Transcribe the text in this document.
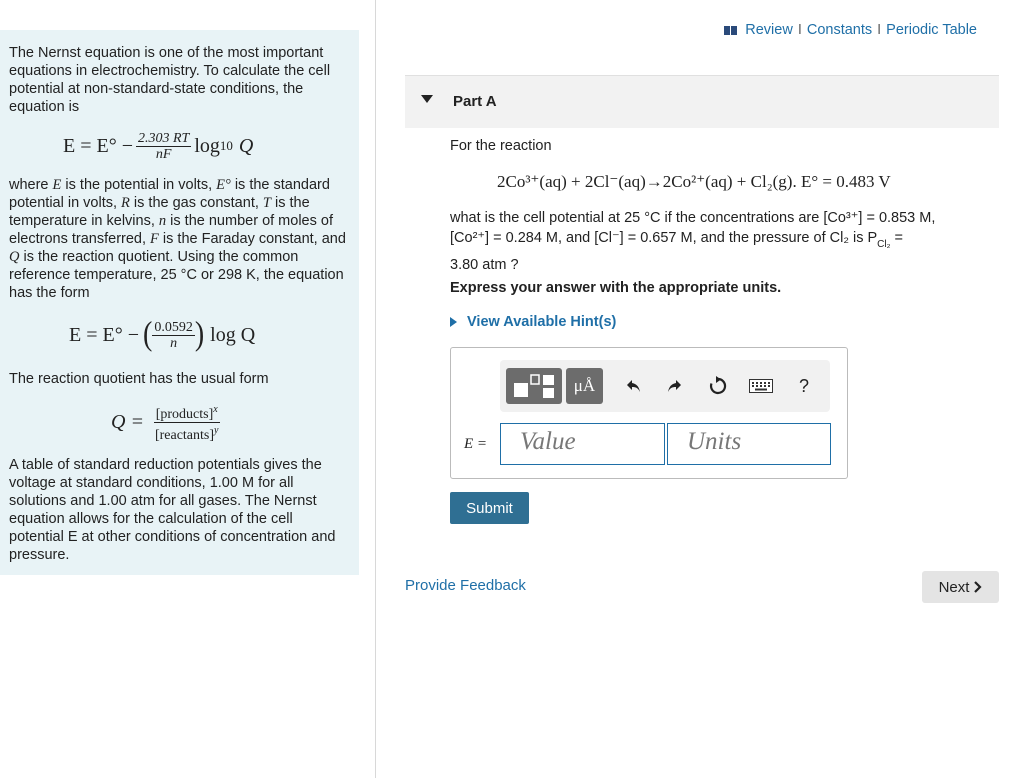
The Nernst equation is one of the most important equations in electrochemistry. To calculate the cell potential at non-standard-state conditions, the equation is

$E = E^\circ - \frac{2.303 RT}{nF}$ log 10 Q

where E is the potential in volts, E° is the standard potential in volts, R is the gas constant, T is the temperature in kelvins, n is the number of moles of electrons transferred, F is the Faraday constant, and Q is the reaction quotient. Using the common reference temperature, 25 °C or 298 K, the equation has the form

E = E° − ( $\frac{0.0592}{n}$ ) log Q

The reaction quotient has the usual form

$Q = \frac{[products]^x}{[reactants]^y}$

A table of standard reduction potentials gives the voltage at standard conditions, 1.00 M for all solutions and 1.00 atm for all gases. The Nernst equation allows for the calculation of the cell potential E at other conditions of concentration and pressure.

Review I Constants I Periodic Table
Part A
For the reaction
2Co³⁺(aq) + 2Cl⁻(aq)→2Co²⁺(aq) + Cl₂(g). E° = 0.483 V
what is the cell potential at 25 °C if the concentrations are [Co³⁺] = 0.853 M,
[Co²⁺] = 0.284 M, and [Cl⁻] = 0.657 M, and the pressure of Cl₂ is $P_{Cl_2}$ =
3.80 atm ?
Express your answer with the appropriate units.
View Available Hint(s)
μÅ	?
E =	Value	Units
Submit
Provide Feedback	Next
